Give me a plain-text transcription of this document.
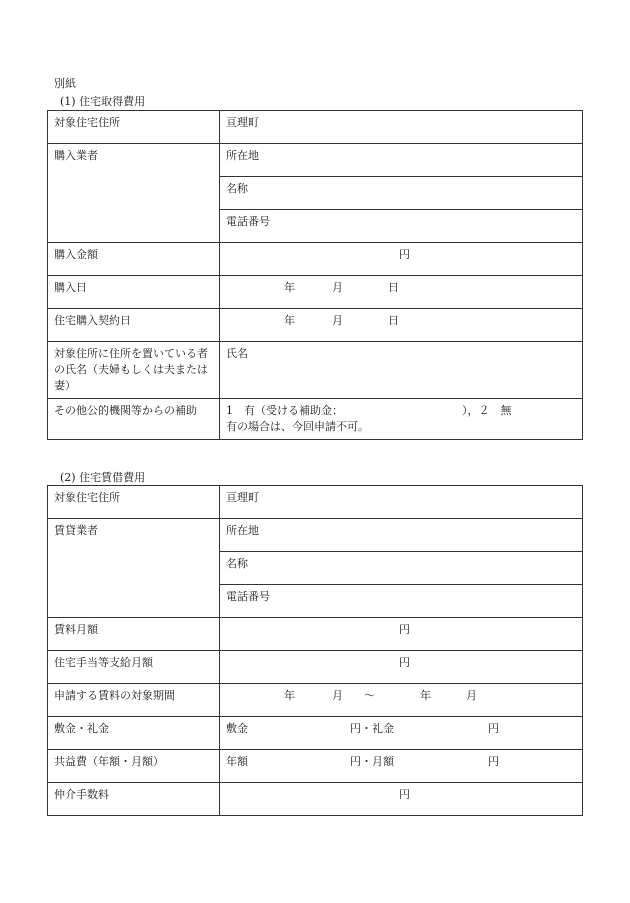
別紙
(1) 住宅取得費用
対象住宅住所	亘理町
購入業者	所在地
	名称
	電話番号
購入金額	円

購入日	年 月 日

住宅購入契約日	年 月 日

対象住所に住所を置いている者の氏名（夫婦もしくは夫または妻）	氏名
その他公的機関等からの補助	1　有（受ける補助金： ），２　無
有の場合は、今回申請不可。
(2) 住宅賃借費用
対象住宅住所	亘理町
賃貸業者	所在地
	名称
	電話番号
賃料月額	円

住宅手当等支給月額	円

申請する賃料の対象期間	年 月 ～ 年 月

敷金・礼金	敷金 円・礼金 円

共益費（年額・月額）	年額 円・月額 円

仲介手数料	円
